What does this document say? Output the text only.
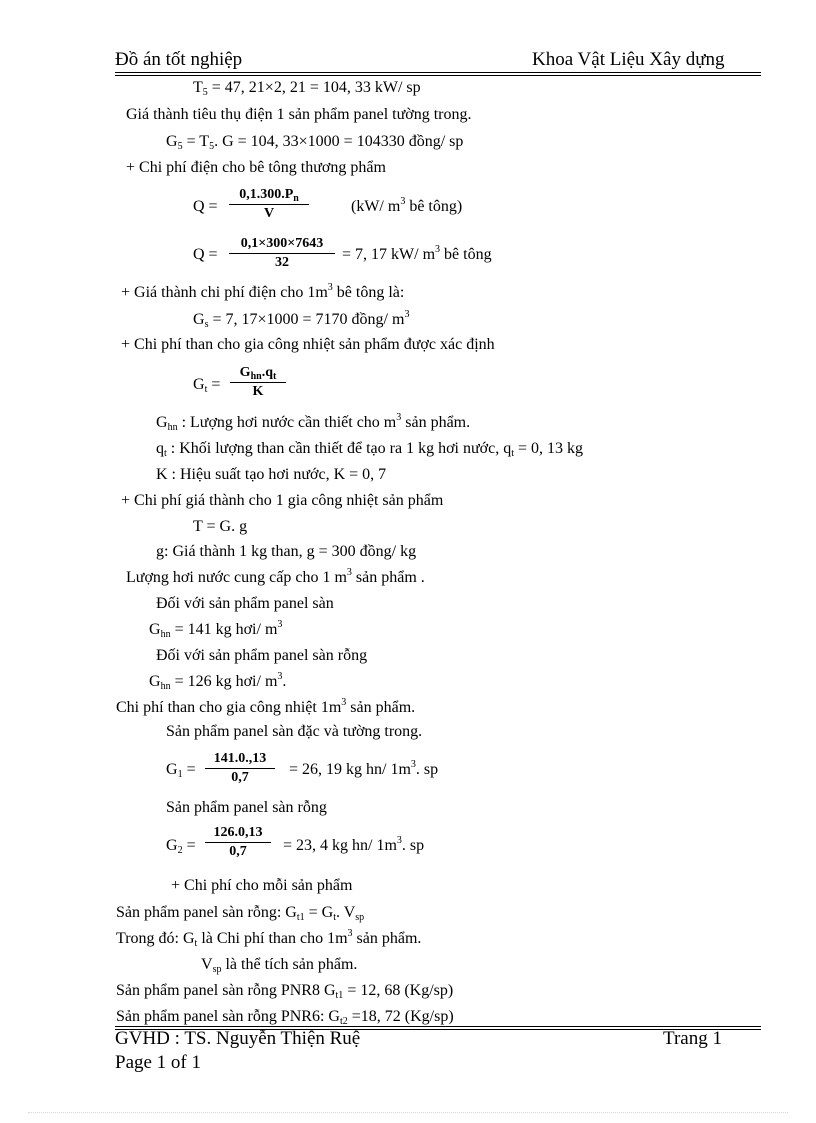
Đồ án tốt nghiệp	Khoa Vật Liệu Xây dựng
$T_5 = 47$, 21×2, 21 = 104, 33 kW/ sp
Giá thành tiêu thụ điện 1 sản phẩm panel tường trong.
$G_5 = T_5$. G = 104, 33×1000 = 104330 đồng/ sp
+ Chi phí điện cho bê tông thương phẩm
$Q = \frac{0,1.300.P_n}{V}$	(kW/ $m^3$ bê tông)
$Q = \frac{0,1\times 300\times 7643}{32} = 7$, 17 kW/ $m^3$ bê tông
+ Giá thành chi phí điện cho $1m^3$ bê tông là:
$G_s = 7$, 17×1000 = 7170 đồng/ $m^3$
+ Chi phí than cho gia công nhiệt sản phẩm được xác định
$G_t$ =
$G_{hn}.q_t$
K
$G_{hn}$ : Lượng hơi nước cần thiết cho $m^3$ sản phẩm.
$q_t$ : Khối lượng than cần thiết để tạo ra 1 kg hơi nước, $q_t = 0$, 13 kg
K : Hiệu suất tạo hơi nước, K = 0, 7
+ Chi phí giá thành cho 1 gia công nhiệt sản phẩm
T = G. g
g: Giá thành 1 kg than, g = 300 đồng/ kg
Lượng hơi nước cung cấp cho 1 $m^3$ sản phẩm .
Đối với sản phẩm panel sàn
$G_{hn} = 141$ kg hơi/ $m^3$
Đối với sản phẩm panel sàn rỗng
$G_{hn} = 126$ kg hơi/ $m^3$.
Chi phí than cho gia công nhiệt $1m^3$ sản phẩm.
Sản phẩm panel sàn đặc và tường trong.
$G_1 = \frac{141.0.,13}{0,7} = 26$, 19 kg hn/ $1m^3$. sp
Sản phẩm panel sàn rỗng
$G_2 = \frac{126.0,13}{0,7} = 23$, 4 kg hn/ $1m^3$. sp
+ Chi phí cho mỗi sản phẩm
Sản phẩm panel sàn rỗng: $G_{t1} = G_t$. $V_{sp}$
Trong đó: $G_t$ là Chi phí than cho $1m^3$ sản phẩm.
$V_{sp}$ là thể tích sản phẩm.
Sản phẩm panel sàn rỗng PNR8 $G_{t1} = 12$, 68 (Kg/sp)
Sản phẩm panel sàn rỗng PNR6: $G_{t2} =18$, 72 (Kg/sp)
GVHD : TS. Nguyễn Thiện Ruệ	Trang 1
Page 1 of 1
